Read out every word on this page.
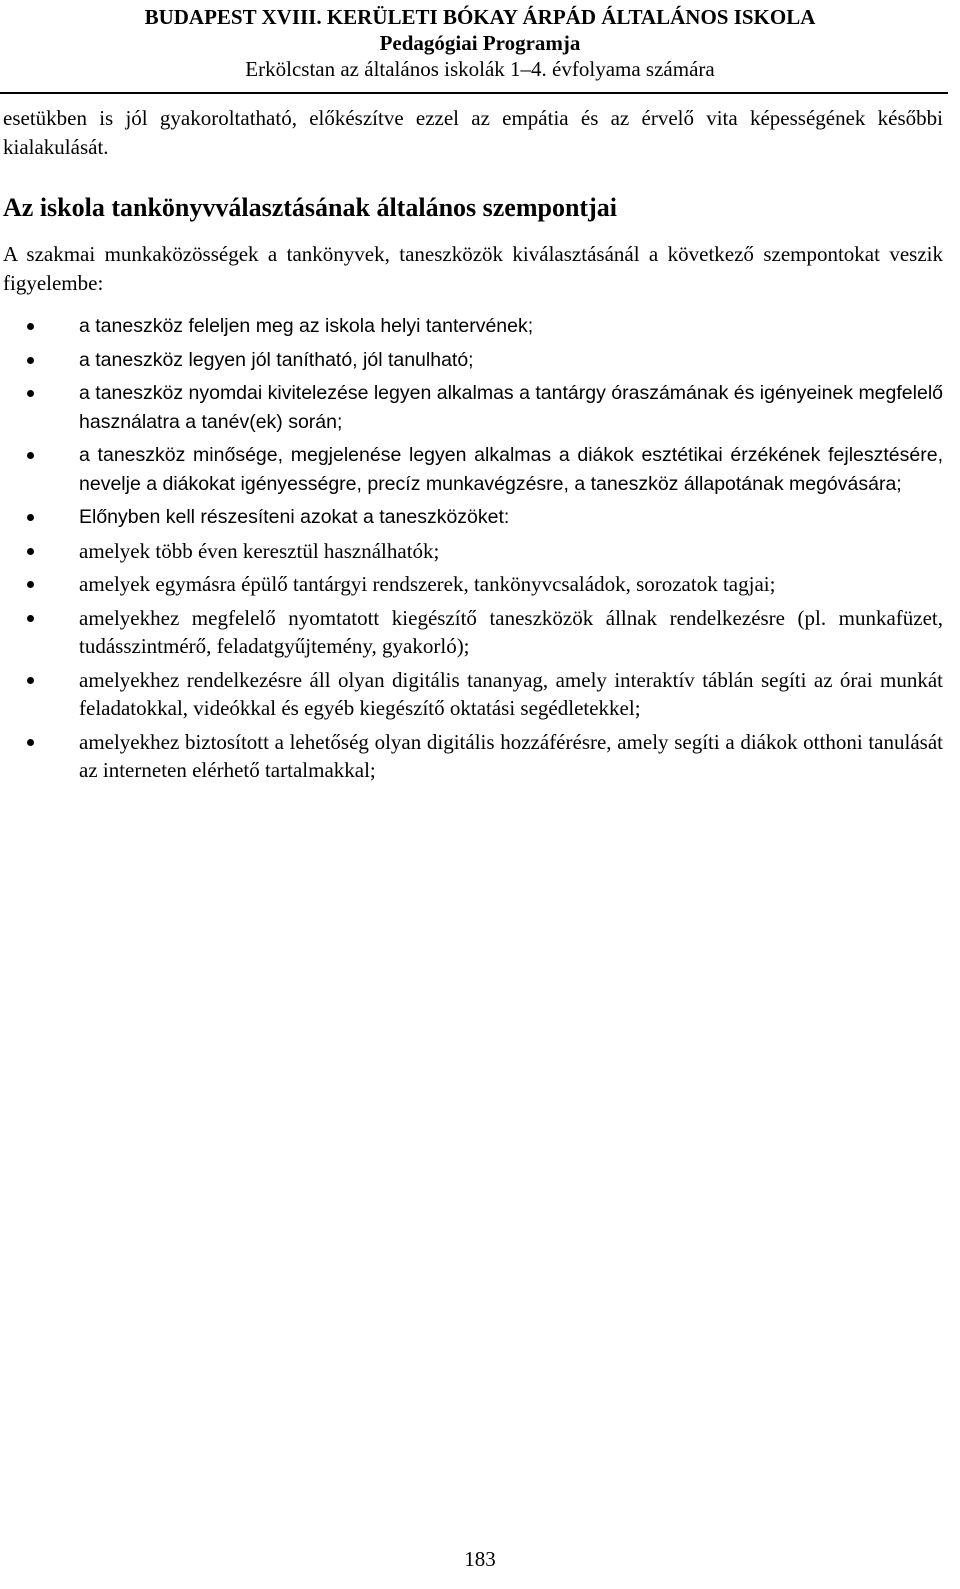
BUDAPEST XVIII. KERÜLETI BÓKAY ÁRPÁD ÁLTALÁNOS ISKOLA
Pedagógiai Programja
Erkölcstan az általános iskolák 1–4. évfolyama számára

esetükben is jól gyakoroltatható, előkészítve ezzel az empátia és az érvelő vita képességének későbbi kialakulását.

Az iskola tankönyvválasztásának általános szempontjai

A szakmai munkaközösségek a tankönyvek, taneszközök kiválasztásánál a következő szempontokat veszik figyelembe:

a taneszköz feleljen meg az iskola helyi tantervének;
a taneszköz legyen jól tanítható, jól tanulható;
a taneszköz nyomdai kivitelezése legyen alkalmas a tantárgy óraszámának és igényeinek megfelelő használatra a tanév(ek) során;
a taneszköz minősége, megjelenése legyen alkalmas a diákok esztétikai érzékének fejlesztésére, nevelje a diákokat igényességre, precíz munkavégzésre, a taneszköz állapotának megóvására;
Előnyben kell részesíteni azokat a taneszközöket:
amelyek több éven keresztül használhatók;
amelyek egymásra épülő tantárgyi rendszerek, tankönyvcsaládok, sorozatok tagjai;
amelyekhez megfelelő nyomtatott kiegészítő taneszközök állnak rendelkezésre (pl. munkafüzet, tudásszintmérő, feladatgyűjtemény, gyakorló);
amelyekhez rendelkezésre áll olyan digitális tananyag, amely interaktív táblán segíti az órai munkát feladatokkal, videókkal és egyéb kiegészítő oktatási segédletekkel;
amelyekhez biztosított a lehetőség olyan digitális hozzáférésre, amely segíti a diákok otthoni tanulását az interneten elérhető tartalmakkal;
183
